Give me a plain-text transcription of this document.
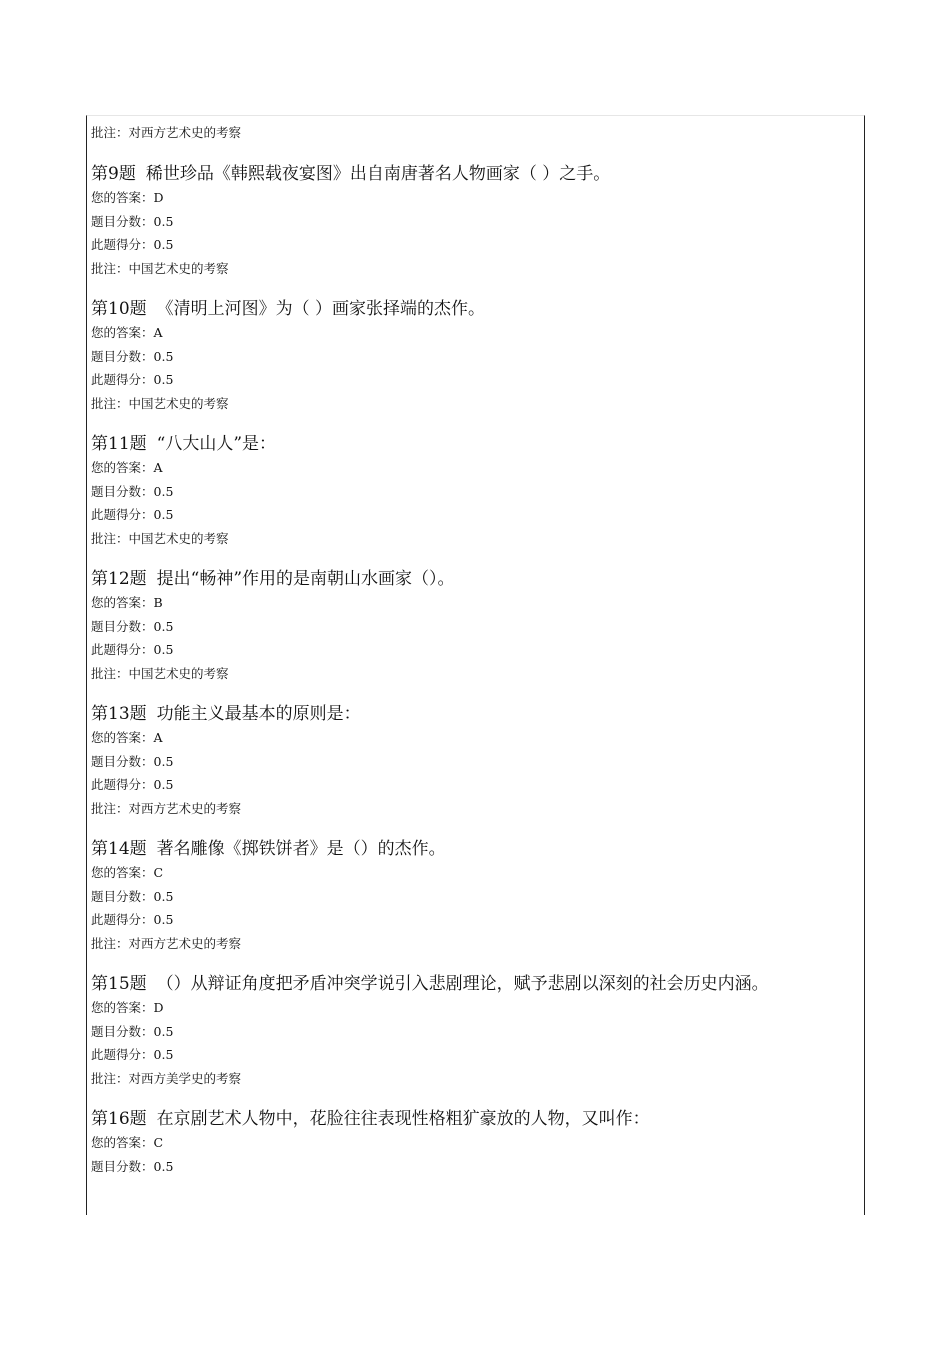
批注：对西方艺术史的考察
第9题 稀世珍品《韩熙载夜宴图》出自南唐著名人物画家（ ）之手。
您的答案：D
题目分数：0.5
此题得分：0.5
批注：中国艺术史的考察
第10题 《清明上河图》为（ ）画家张择端的杰作。
您的答案：A
题目分数：0.5
此题得分：0.5
批注：中国艺术史的考察
第11题 “八大山人”是：
您的答案：A
题目分数：0.5
此题得分：0.5
批注：中国艺术史的考察
第12题 提出“畅神”作用的是南朝山水画家（）。
您的答案：B
题目分数：0.5
此题得分：0.5
批注：中国艺术史的考察
第13题 功能主义最基本的原则是：
您的答案：A
题目分数：0.5
此题得分：0.5
批注：对西方艺术史的考察
第14题 著名雕像《掷铁饼者》是（）的杰作。
您的答案：C
题目分数：0.5
此题得分：0.5
批注：对西方艺术史的考察
第15题 （）从辩证角度把矛盾冲突学说引入悲剧理论，赋予悲剧以深刻的社会历史内涵。
您的答案：D
题目分数：0.5
此题得分：0.5
批注：对西方美学史的考察
第16题 在京剧艺术人物中，花脸往往表现性格粗犷豪放的人物，又叫作：
您的答案：C
题目分数：0.5
